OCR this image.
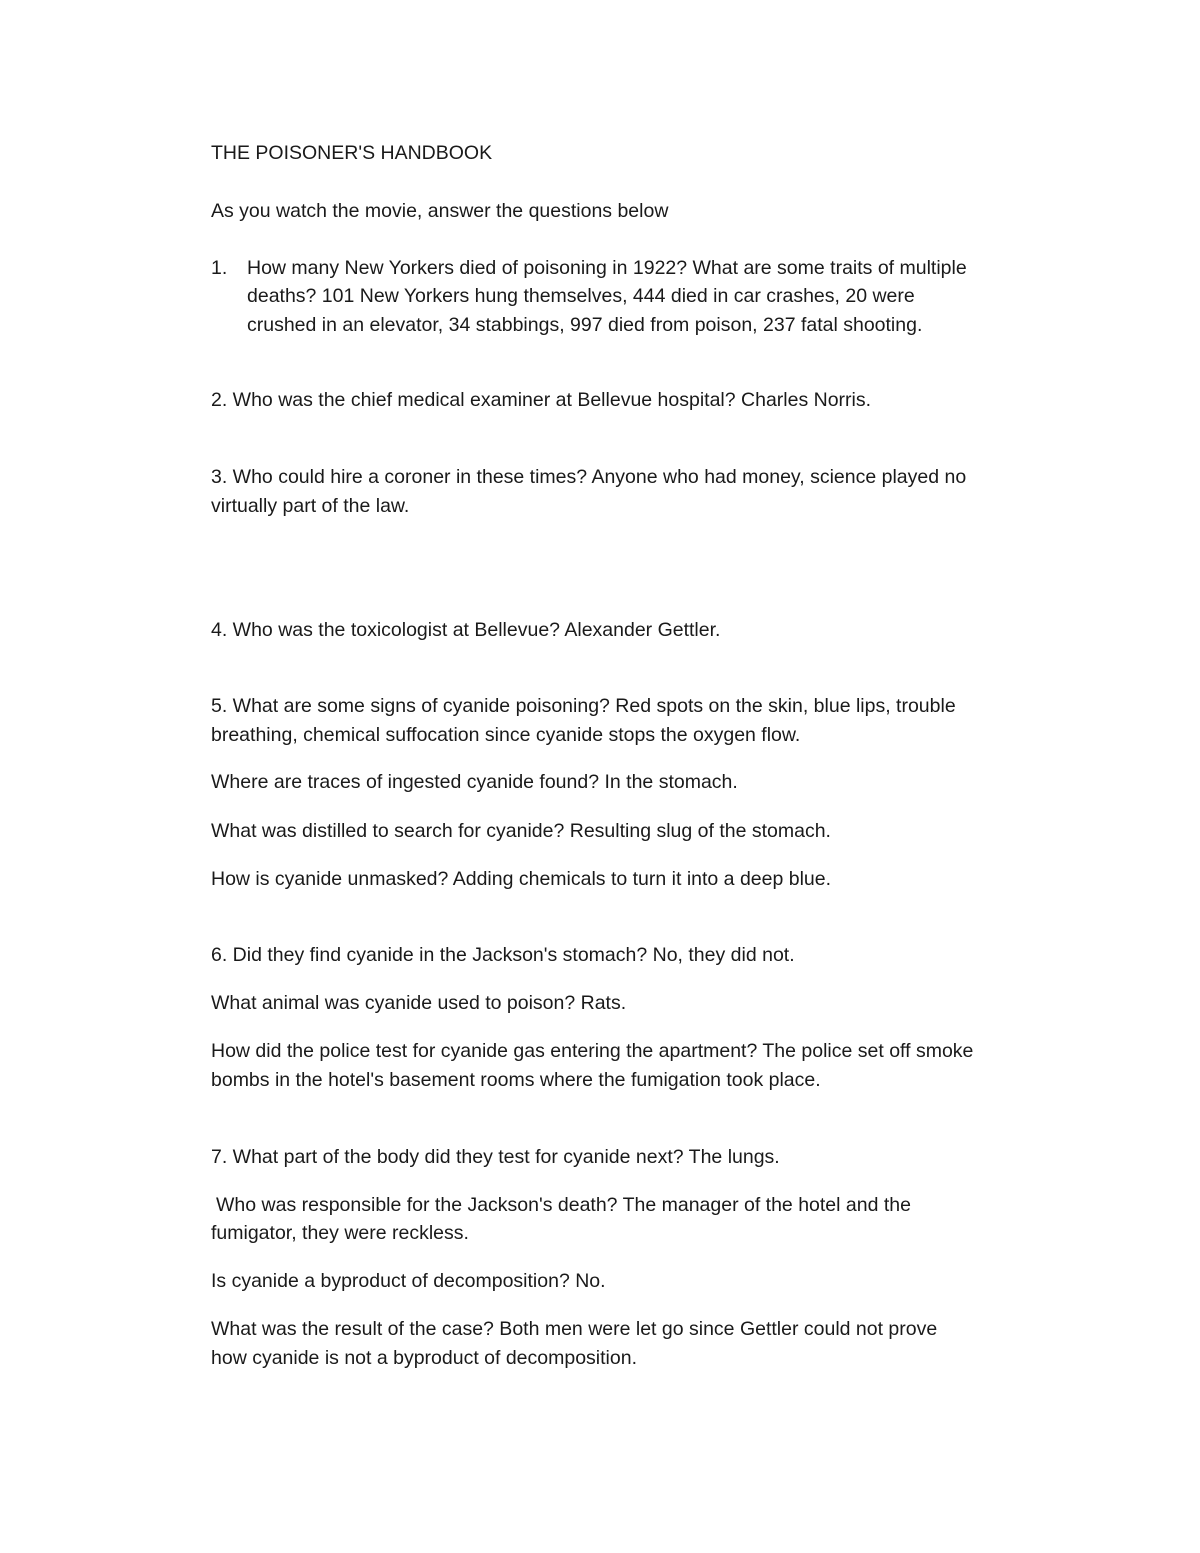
THE POISONER'S HANDBOOK

As you watch the movie, answer the questions below

1. How many New Yorkers died of poisoning in 1922? What are some traits of multiple

deaths? 101 New Yorkers hung themselves, 444 died in car crashes, 20 were

crushed in an elevator, 34 stabbings, 997 died from poison, 237 fatal shooting.

2. Who was the chief medical examiner at Bellevue hospital? Charles Norris.

3. Who could hire a coroner in these times? Anyone who had money, science played no

virtually part of the law.

4. Who was the toxicologist at Bellevue? Alexander Gettler.

5. What are some signs of cyanide poisoning? Red spots on the skin, blue lips, trouble

breathing, chemical suffocation since cyanide stops the oxygen flow.

Where are traces of ingested cyanide found? In the stomach.

What was distilled to search for cyanide? Resulting slug of the stomach.

How is cyanide unmasked? Adding chemicals to turn it into a deep blue.

6. Did they find cyanide in the Jackson's stomach? No, they did not.

What animal was cyanide used to poison? Rats.

How did the police test for cyanide gas entering the apartment? The police set off smoke

bombs in the hotel's basement rooms where the fumigation took place.

7. What part of the body did they test for cyanide next? The lungs.

Who was responsible for the Jackson's death? The manager of the hotel and the

fumigator, they were reckless.

Is cyanide a byproduct of decomposition? No.

What was the result of the case? Both men were let go since Gettler could not prove

how cyanide is not a byproduct of decomposition.
